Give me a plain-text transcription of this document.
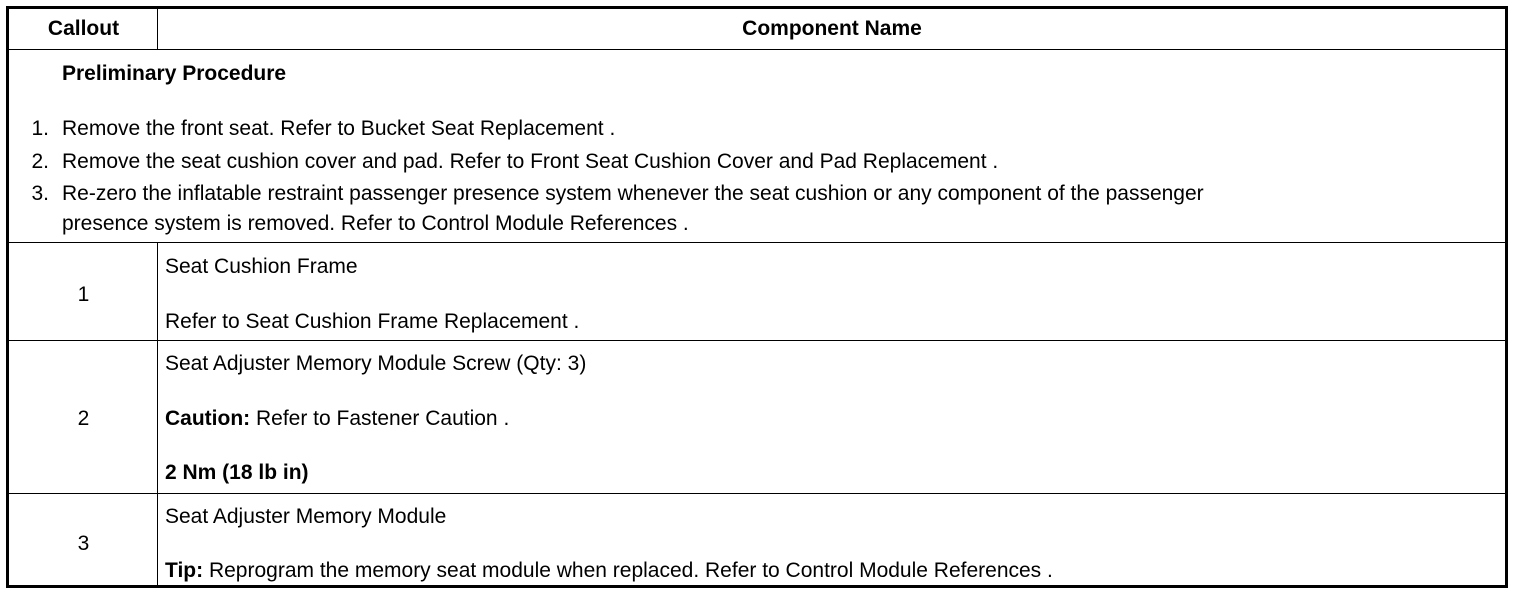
Callout	Component Name
Preliminary Procedure
1. Remove the front seat. Refer to Bucket Seat Replacement .
2. Remove the seat cushion cover and pad. Refer to Front Seat Cushion Cover and Pad Replacement .
3. Re-zero the inflatable restraint passenger presence system whenever the seat cushion or any component of the passenger
presence system is removed. Refer to Control Module References .
1
Seat Cushion Frame
Refer to Seat Cushion Frame Replacement .
2
Seat Adjuster Memory Module Screw (Qty: 3)
Caution: Refer to Fastener Caution .
2 Nm (18 lb in)
3
Seat Adjuster Memory Module
Tip: Reprogram the memory seat module when replaced. Refer to Control Module References .
